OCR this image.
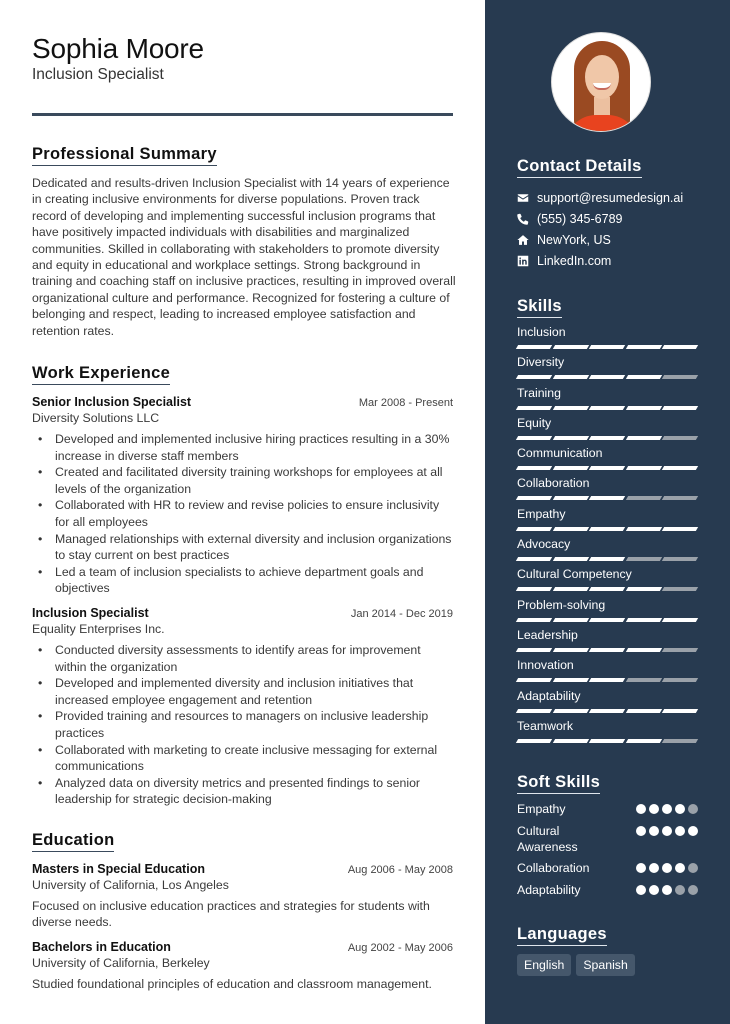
Sophia Moore
Inclusion Specialist
Professional Summary

Dedicated and results-driven Inclusion Specialist with 14 years of experience in creating inclusive environments for diverse populations. Proven track record of developing and implementing successful inclusion programs that have positively impacted individuals with disabilities and marginalized communities. Skilled in collaborating with stakeholders to promote diversity and equity in educational and workplace settings. Strong background in training and coaching staff on inclusive practices, resulting in improved overall organizational culture and performance. Recognized for fostering a culture of belonging and respect, leading to increased employee satisfaction and retention rates.

Work Experience
Senior Inclusion Specialist	Mar 2008 - Present
Diversity Solutions LLC
• Developed and implemented inclusive hiring practices resulting in a 30% increase in diverse staff members
• Created and facilitated diversity training workshops for employees at all levels of the organization
• Collaborated with HR to review and revise policies to ensure inclusivity for all employees
• Managed relationships with external diversity and inclusion organizations to stay current on best practices
• Led a team of inclusion specialists to achieve department goals and objectives
Inclusion Specialist	Jan 2014 - Dec 2019
Equality Enterprises Inc.
• Conducted diversity assessments to identify areas for improvement within the organization
• Developed and implemented diversity and inclusion initiatives that increased employee engagement and retention
• Provided training and resources to managers on inclusive leadership practices
• Collaborated with marketing to create inclusive messaging for external communications
• Analyzed data on diversity metrics and presented findings to senior leadership for strategic decision-making
Education
Masters in Special Education	Aug 2006 - May 2008
University of California, Los Angeles

Focused on inclusive education practices and strategies for students with diverse needs.

Bachelors in Education	Aug 2002 - May 2006
University of California, Berkeley

Studied foundational principles of education and classroom management.

Contact Details
support@resumedesign.ai
(555) 345-6789
NewYork, US
LinkedIn.com
Skills
Inclusion
Diversity
Training
Equity
Communication
Collaboration
Empathy
Advocacy
Cultural Competency
Problem-solving
Leadership
Innovation
Adaptability
Teamwork
Soft Skills
Empathy
Cultural Awareness
Collaboration
Adaptability
Languages
English	Spanish
